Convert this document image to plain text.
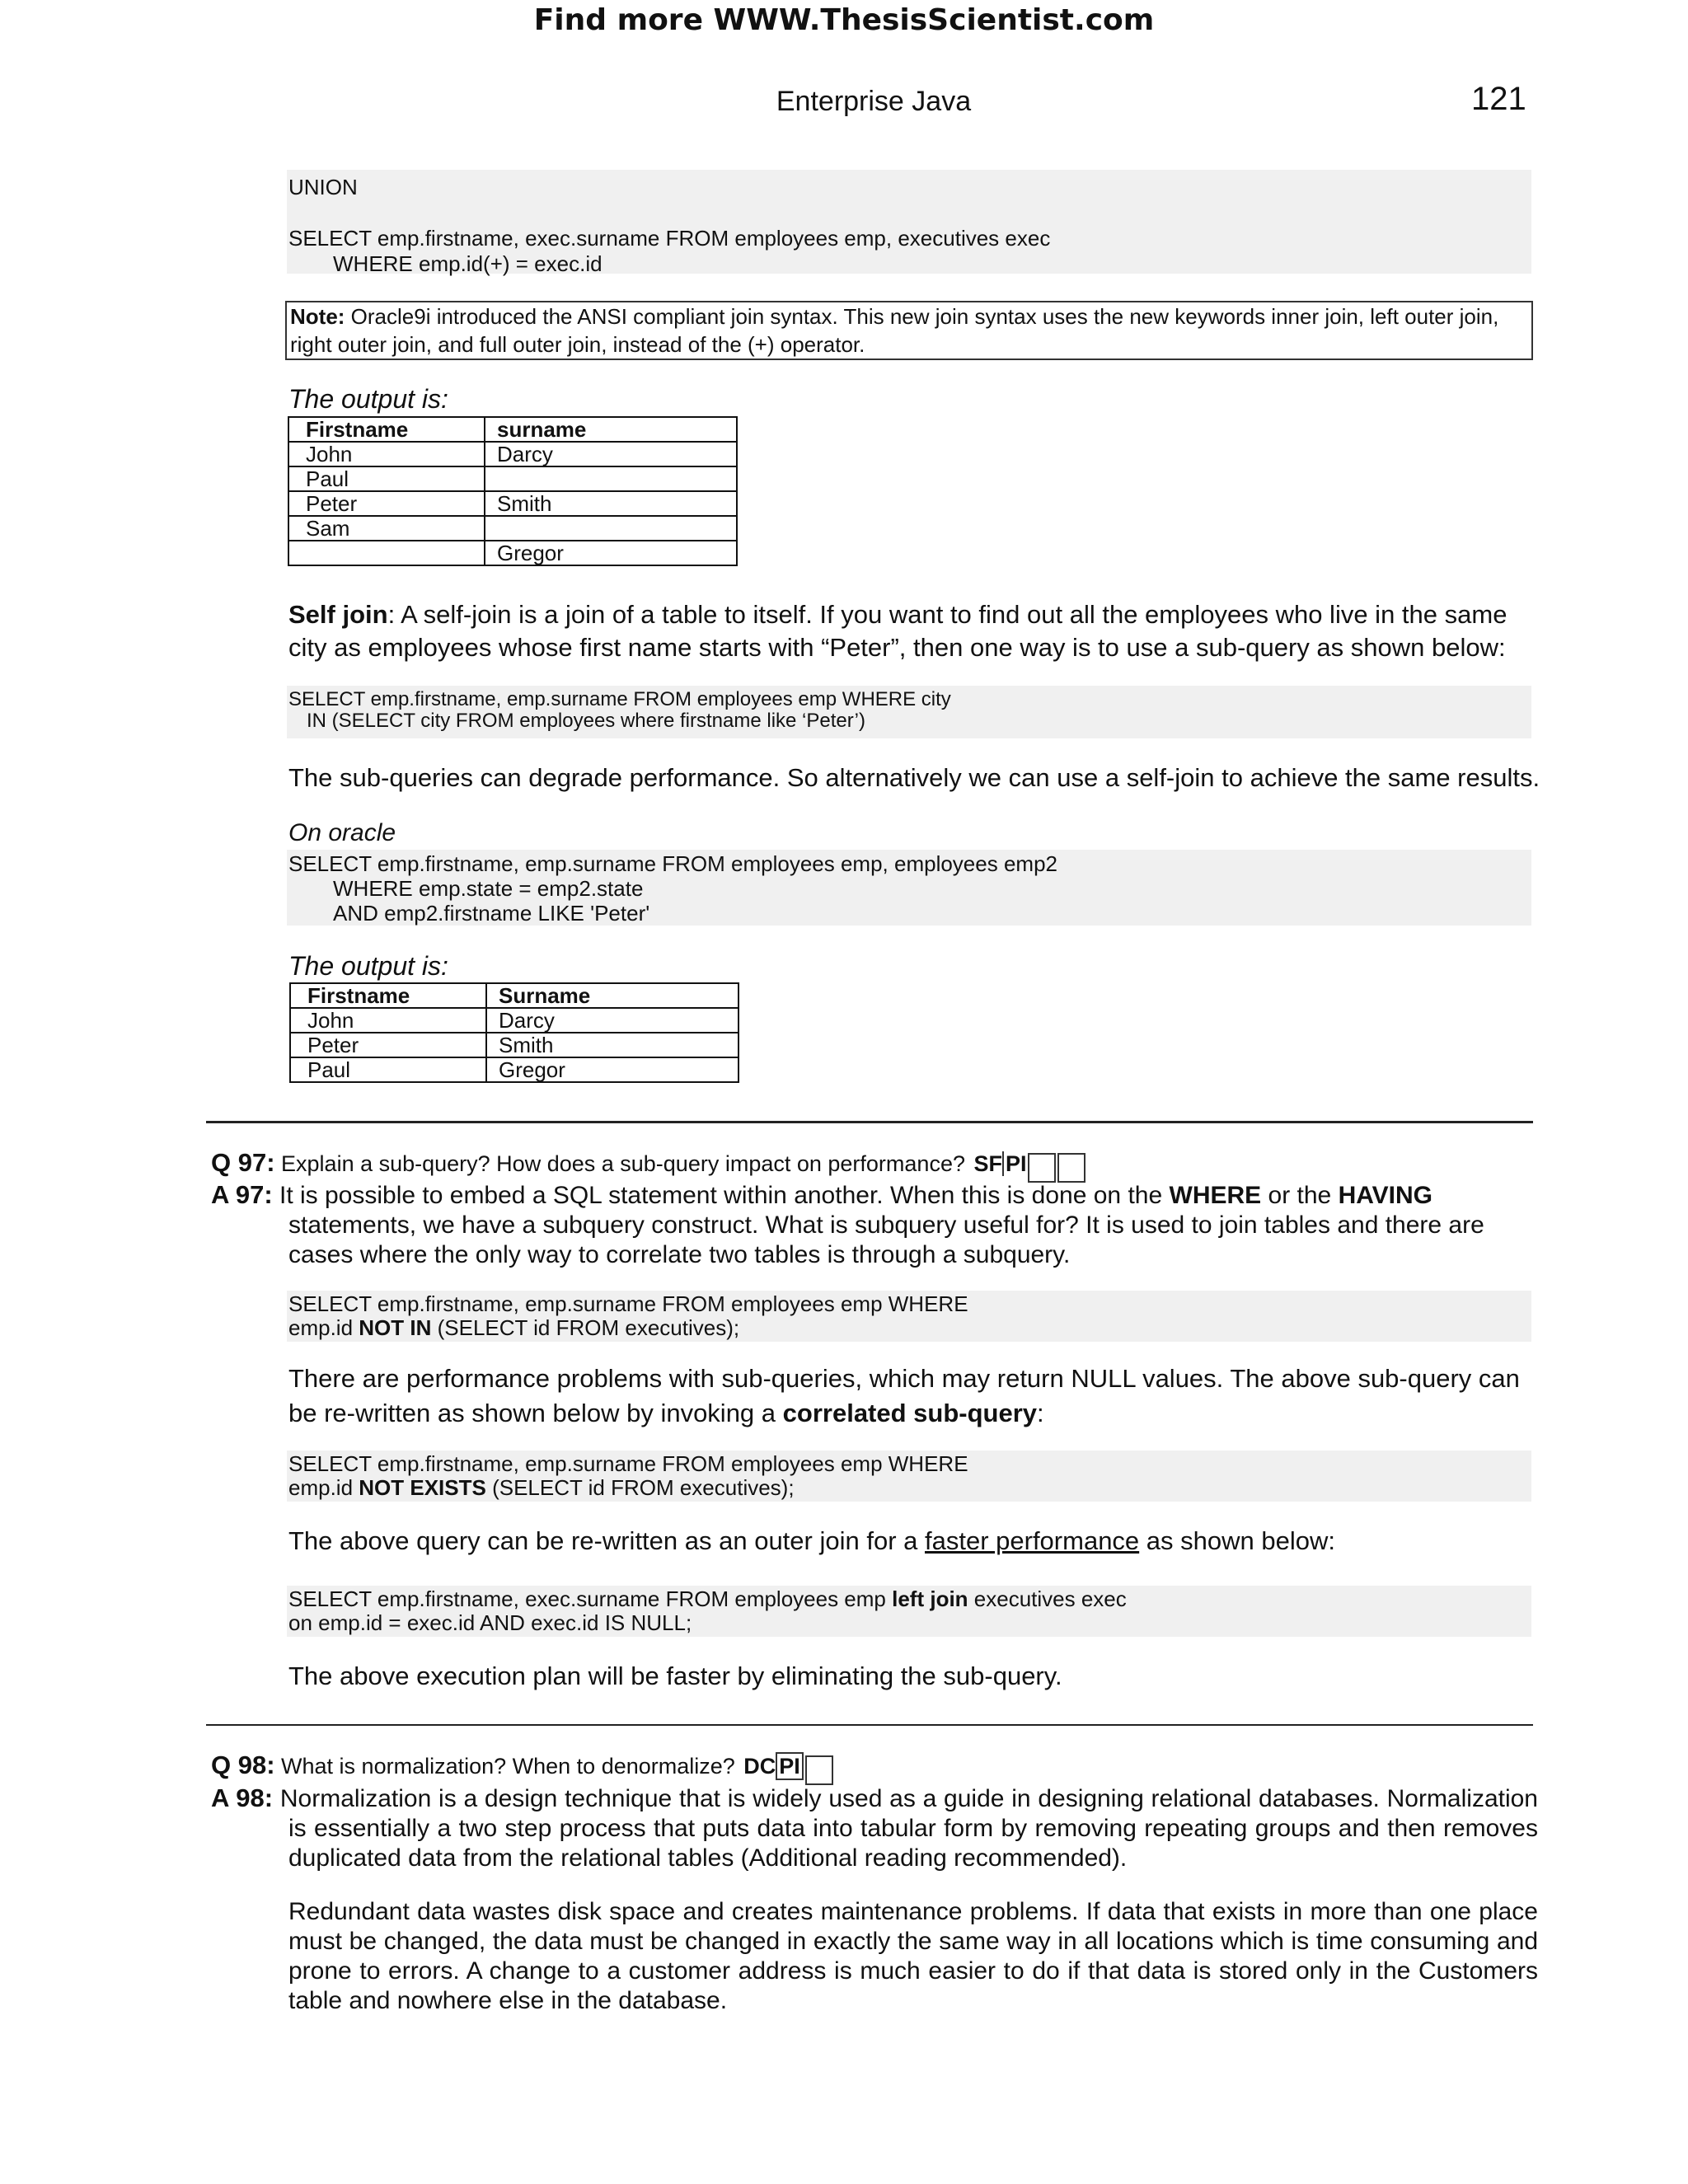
Find more WWW.ThesisScientist.com
Enterprise Java	121
UNION
SELECT emp.firstname, exec.surname FROM employees emp, executives exec
WHERE emp.id(+) = exec.id
Note: Oracle9i introduced the ANSI compliant join syntax. This new join syntax uses the new keywords inner join, left outer join, right outer join, and full outer join, instead of the (+) operator.
The output is:
Firstname	surname
John	Darcy
Paul	
Peter	Smith
Sam	
	Gregor
Self join: A self-join is a join of a table to itself. If you want to find out all the employees who live in the same city as employees whose first name starts with “Peter”, then one way is to use a sub-query as shown below:
SELECT emp.firstname, emp.surname FROM employees emp WHERE city
IN (SELECT city FROM employees where firstname like ‘Peter’)
The sub-queries can degrade performance. So alternatively we can use a self-join to achieve the same results.
On oracle
SELECT emp.firstname, emp.surname FROM employees emp, employees emp2
WHERE emp.state = emp2.state
AND emp2.firstname LIKE 'Peter'
The output is:
Firstname	Surname
John	Darcy
Peter	Smith
Paul	Gregor
Q 97: Explain a sub-query? How does a sub-query impact on performance? SF PI
A 97: It is possible to embed a SQL statement within another. When this is done on the WHERE or the HAVING statements, we have a subquery construct. What is subquery useful for? It is used to join tables and there are cases where the only way to correlate two tables is through a subquery.
SELECT emp.firstname, emp.surname FROM employees emp WHERE
emp.id NOT IN (SELECT id FROM executives);
There are performance problems with sub-queries, which may return NULL values. The above sub-query can be re-written as shown below by invoking a correlated sub-query:
SELECT emp.firstname, emp.surname FROM employees emp WHERE
emp.id NOT EXISTS (SELECT id FROM executives);
The above query can be re-written as an outer join for a faster performance as shown below:
SELECT emp.firstname, exec.surname FROM employees emp left join executives exec
on emp.id = exec.id AND exec.id IS NULL;
The above execution plan will be faster by eliminating the sub-query.
Q 98: What is normalization? When to denormalize? DC PI
A 98: Normalization is a design technique that is widely used as a guide in designing relational databases. Normalization is essentially a two step process that puts data into tabular form by removing repeating groups and then removes duplicated data from the relational tables (Additional reading recommended).
Redundant data wastes disk space and creates maintenance problems. If data that exists in more than one place must be changed, the data must be changed in exactly the same way in all locations which is time consuming and prone to errors. A change to a customer address is much easier to do if that data is stored only in the Customers table and nowhere else in the database.
